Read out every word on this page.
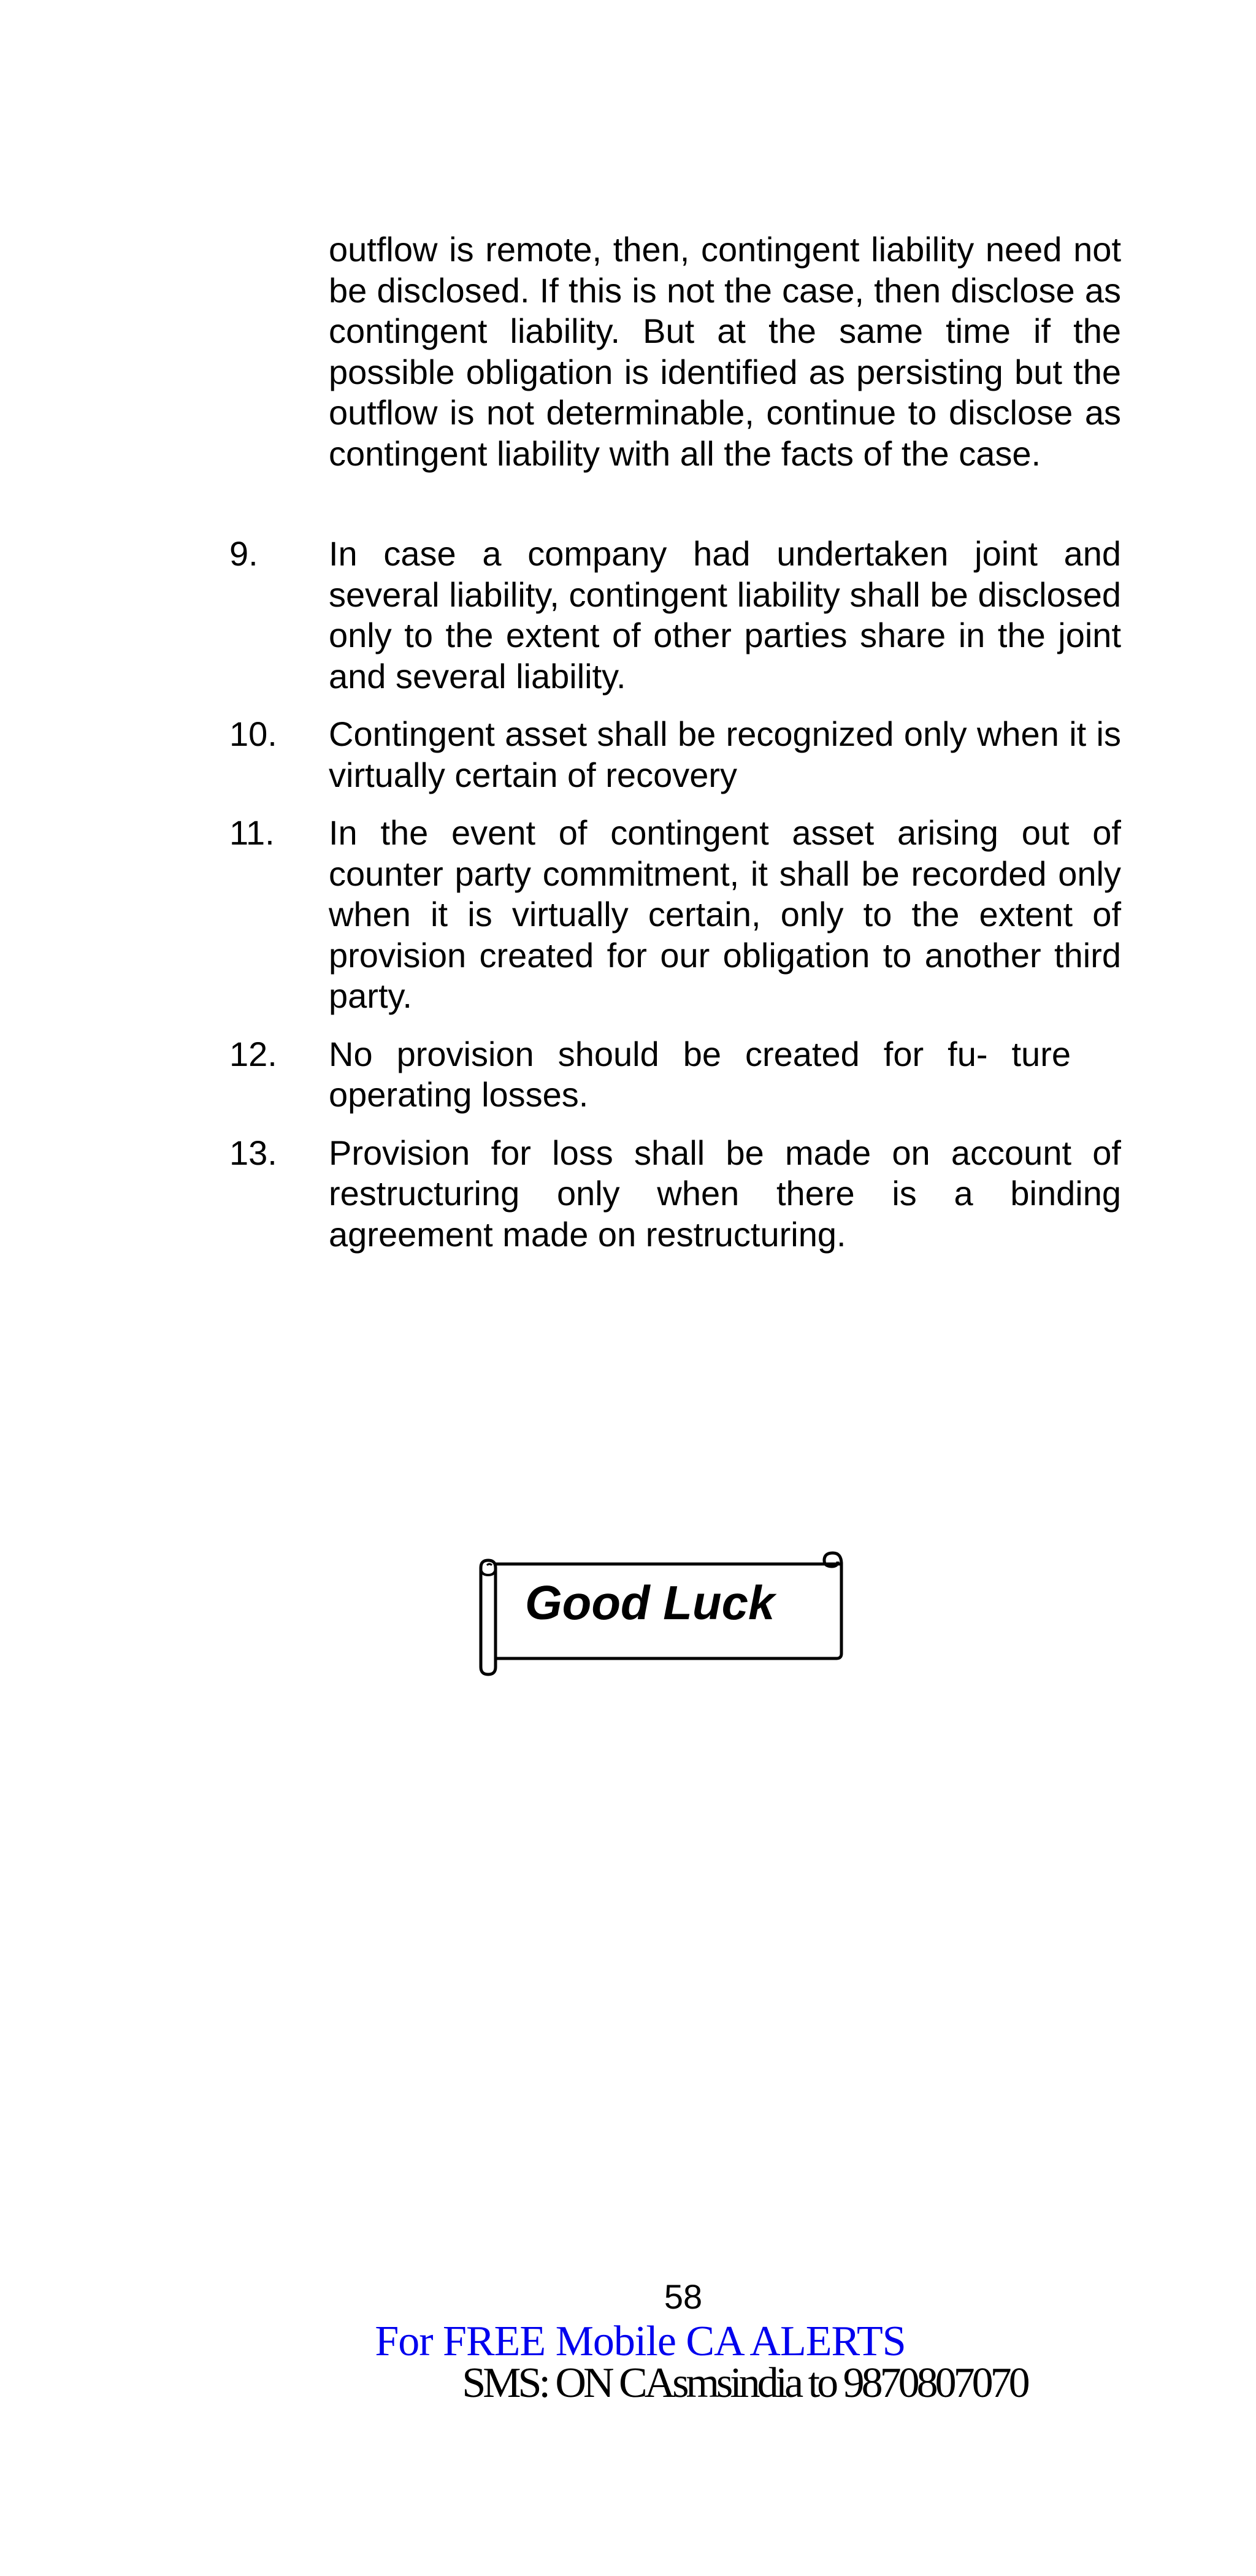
outflow is remote, then, contingent liability need not be disclosed. If this is not the case, then disclose as contingent liability. But at the same time if the possible obligation is identified as persisting but the outflow is not determinable, continue to disclose as contingent liability with all the facts of the case.
9. In case a company had undertaken joint and several liability, contingent liability shall be disclosed only to the extent of other parties share in the joint and several liability.
10. Contingent asset shall be recognized only when it is virtually certain of recovery
11. In the event of contingent asset arising out of counter party commitment, it shall be recorded only when it is virtually certain, only to the extent of provision created for our obligation to another third party.
12. No provision should be created for fu- ture operating losses.
13. Provision for loss shall be made on account of restructuring only when there is a binding agreement made on restructuring.
Good Luck
58
For FREE Mobile CA ALERTS
SMS: ON CAsmsindia to 9870807070
